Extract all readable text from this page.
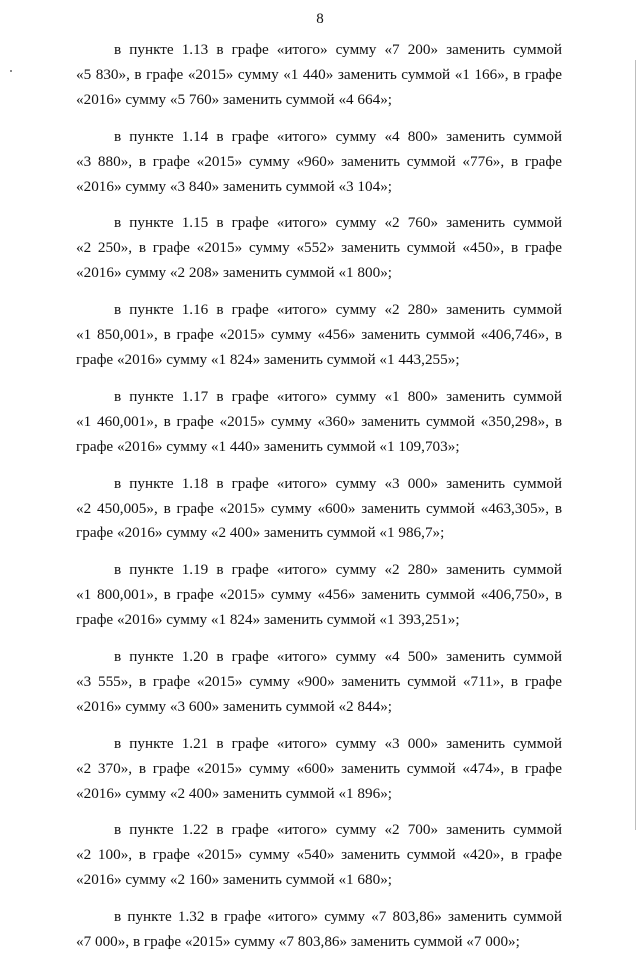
8

в пункте 1.13 в графе «итого» сумму «7 200» заменить суммой
«5 830», в графе «2015» сумму «1 440» заменить суммой «1 166», в графе
«2016» сумму «5 760» заменить суммой «4 664»;

в пункте 1.14 в графе «итого» сумму «4 800» заменить суммой
«3 880», в графе «2015» сумму «960» заменить суммой «776», в графе
«2016» сумму «3 840» заменить суммой «3 104»;

в пункте 1.15 в графе «итого» сумму «2 760» заменить суммой
«2 250», в графе «2015» сумму «552» заменить суммой «450», в графе
«2016» сумму «2 208» заменить суммой «1 800»;

в пункте 1.16 в графе «итого» сумму «2 280» заменить суммой
«1 850,001», в графе «2015» сумму «456» заменить суммой «406,746», в
графе «2016» сумму «1 824» заменить суммой «1 443,255»;

в пункте 1.17 в графе «итого» сумму «1 800» заменить суммой
«1 460,001», в графе «2015» сумму «360» заменить суммой «350,298», в
графе «2016» сумму «1 440» заменить суммой «1 109,703»;

в пункте 1.18 в графе «итого» сумму «3 000» заменить суммой
«2 450,005», в графе «2015» сумму «600» заменить суммой «463,305», в
графе «2016» сумму «2 400» заменить суммой «1 986,7»;

в пункте 1.19 в графе «итого» сумму «2 280» заменить суммой
«1 800,001», в графе «2015» сумму «456» заменить суммой «406,750», в
графе «2016» сумму «1 824» заменить суммой «1 393,251»;

в пункте 1.20 в графе «итого» сумму «4 500» заменить суммой
«3 555», в графе «2015» сумму «900» заменить суммой «711», в графе
«2016» сумму «3 600» заменить суммой «2 844»;

в пункте 1.21 в графе «итого» сумму «3 000» заменить суммой
«2 370», в графе «2015» сумму «600» заменить суммой «474», в графе
«2016» сумму «2 400» заменить суммой «1 896»;

в пункте 1.22 в графе «итого» сумму «2 700» заменить суммой
«2 100», в графе «2015» сумму «540» заменить суммой «420», в графе
«2016» сумму «2 160» заменить суммой «1 680»;

в пункте 1.32 в графе «итого» сумму «7 803,86» заменить суммой
«7 000», в графе «2015» сумму «7 803,86» заменить суммой «7 000»;
